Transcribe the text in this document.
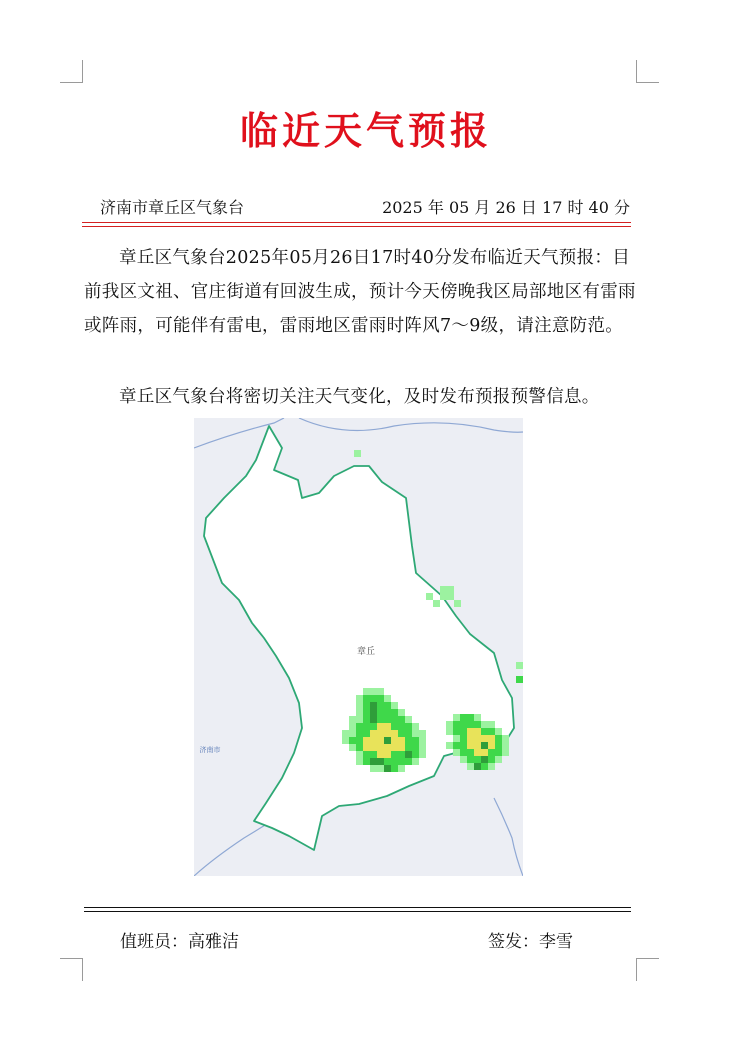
临近天气预报
济南市章丘区气象台	2025 年 05 月 26 日 17 时 40 分

章丘区气象台2025年05月26日17时40分发布临近天气预报：目前我区文祖、官庄街道有回波生成，预计今天傍晚我区局部地区有雷雨或阵雨，可能伴有雷电，雷雨地区雷雨时阵风7～9级，请注意防范。

章丘区气象台将密切关注天气变化，及时发布预报预警信息。

章丘
济南市
值班员：高雅洁	签发：李雪
